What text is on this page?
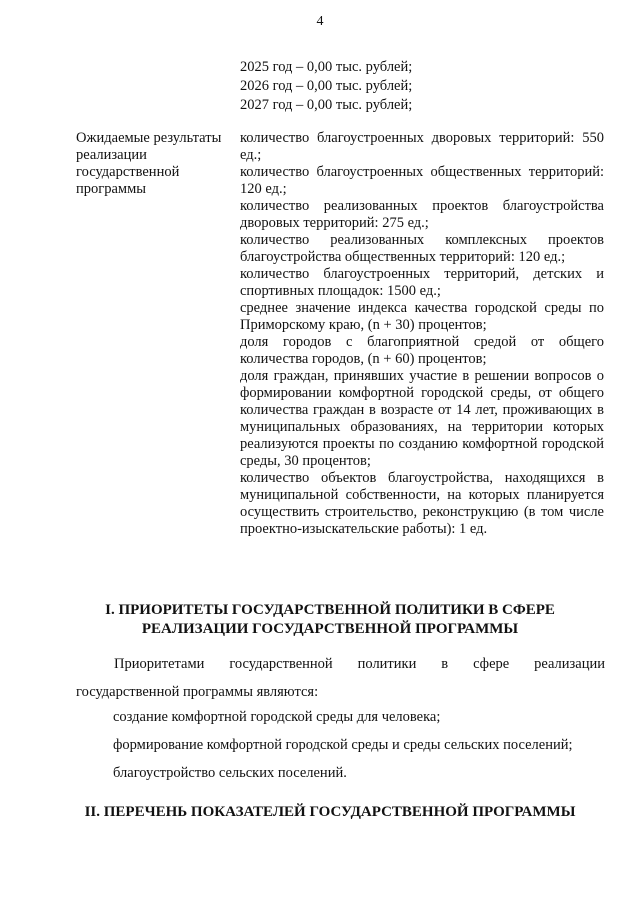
4
2025 год – 0,00 тыс. рублей;
2026 год – 0,00 тыс. рублей;
2027 год – 0,00 тыс. рублей;
Ожидаемые результаты реализации государственной программы

количество благоустроенных дворовых территорий: 550 ед.;

количество благоустроенных общественных территорий: 120 ед.;

количество реализованных проектов благоустройства дворовых территорий: 275 ед.;

количество реализованных комплексных проектов благоустройства общественных территорий: 120 ед.;

количество благоустроенных территорий, детских и спортивных площадок: 1500 ед.;

среднее значение индекса качества городской среды по Приморскому краю, (n + 30) процентов;

доля городов с благоприятной средой от общего количества городов, (n + 60) процентов;

доля граждан, принявших участие в решении вопросов о формировании комфортной городской среды, от общего количества граждан в возрасте от 14 лет, проживающих в муниципальных образованиях, на территории которых реализуются проекты по созданию комфортной городской среды, 30 процентов;

количество объектов благоустройства, находящихся в муниципальной собственности, на которых планируется осуществить строительство, реконструкцию (в том числе проектно-изыскательские работы): 1 ед.

I. ПРИОРИТЕТЫ ГОСУДАРСТВЕННОЙ ПОЛИТИКИ В СФЕРЕ
РЕАЛИЗАЦИИ ГОСУДАРСТВЕННОЙ ПРОГРАММЫ

Приоритетами государственной политики в сфере реализации государственной программы являются:

создание комфортной городской среды для человека;
формирование комфортной городской среды и среды сельских поселений;
благоустройство сельских поселений.
II. ПЕРЕЧЕНЬ ПОКАЗАТЕЛЕЙ ГОСУДАРСТВЕННОЙ ПРОГРАММЫ
